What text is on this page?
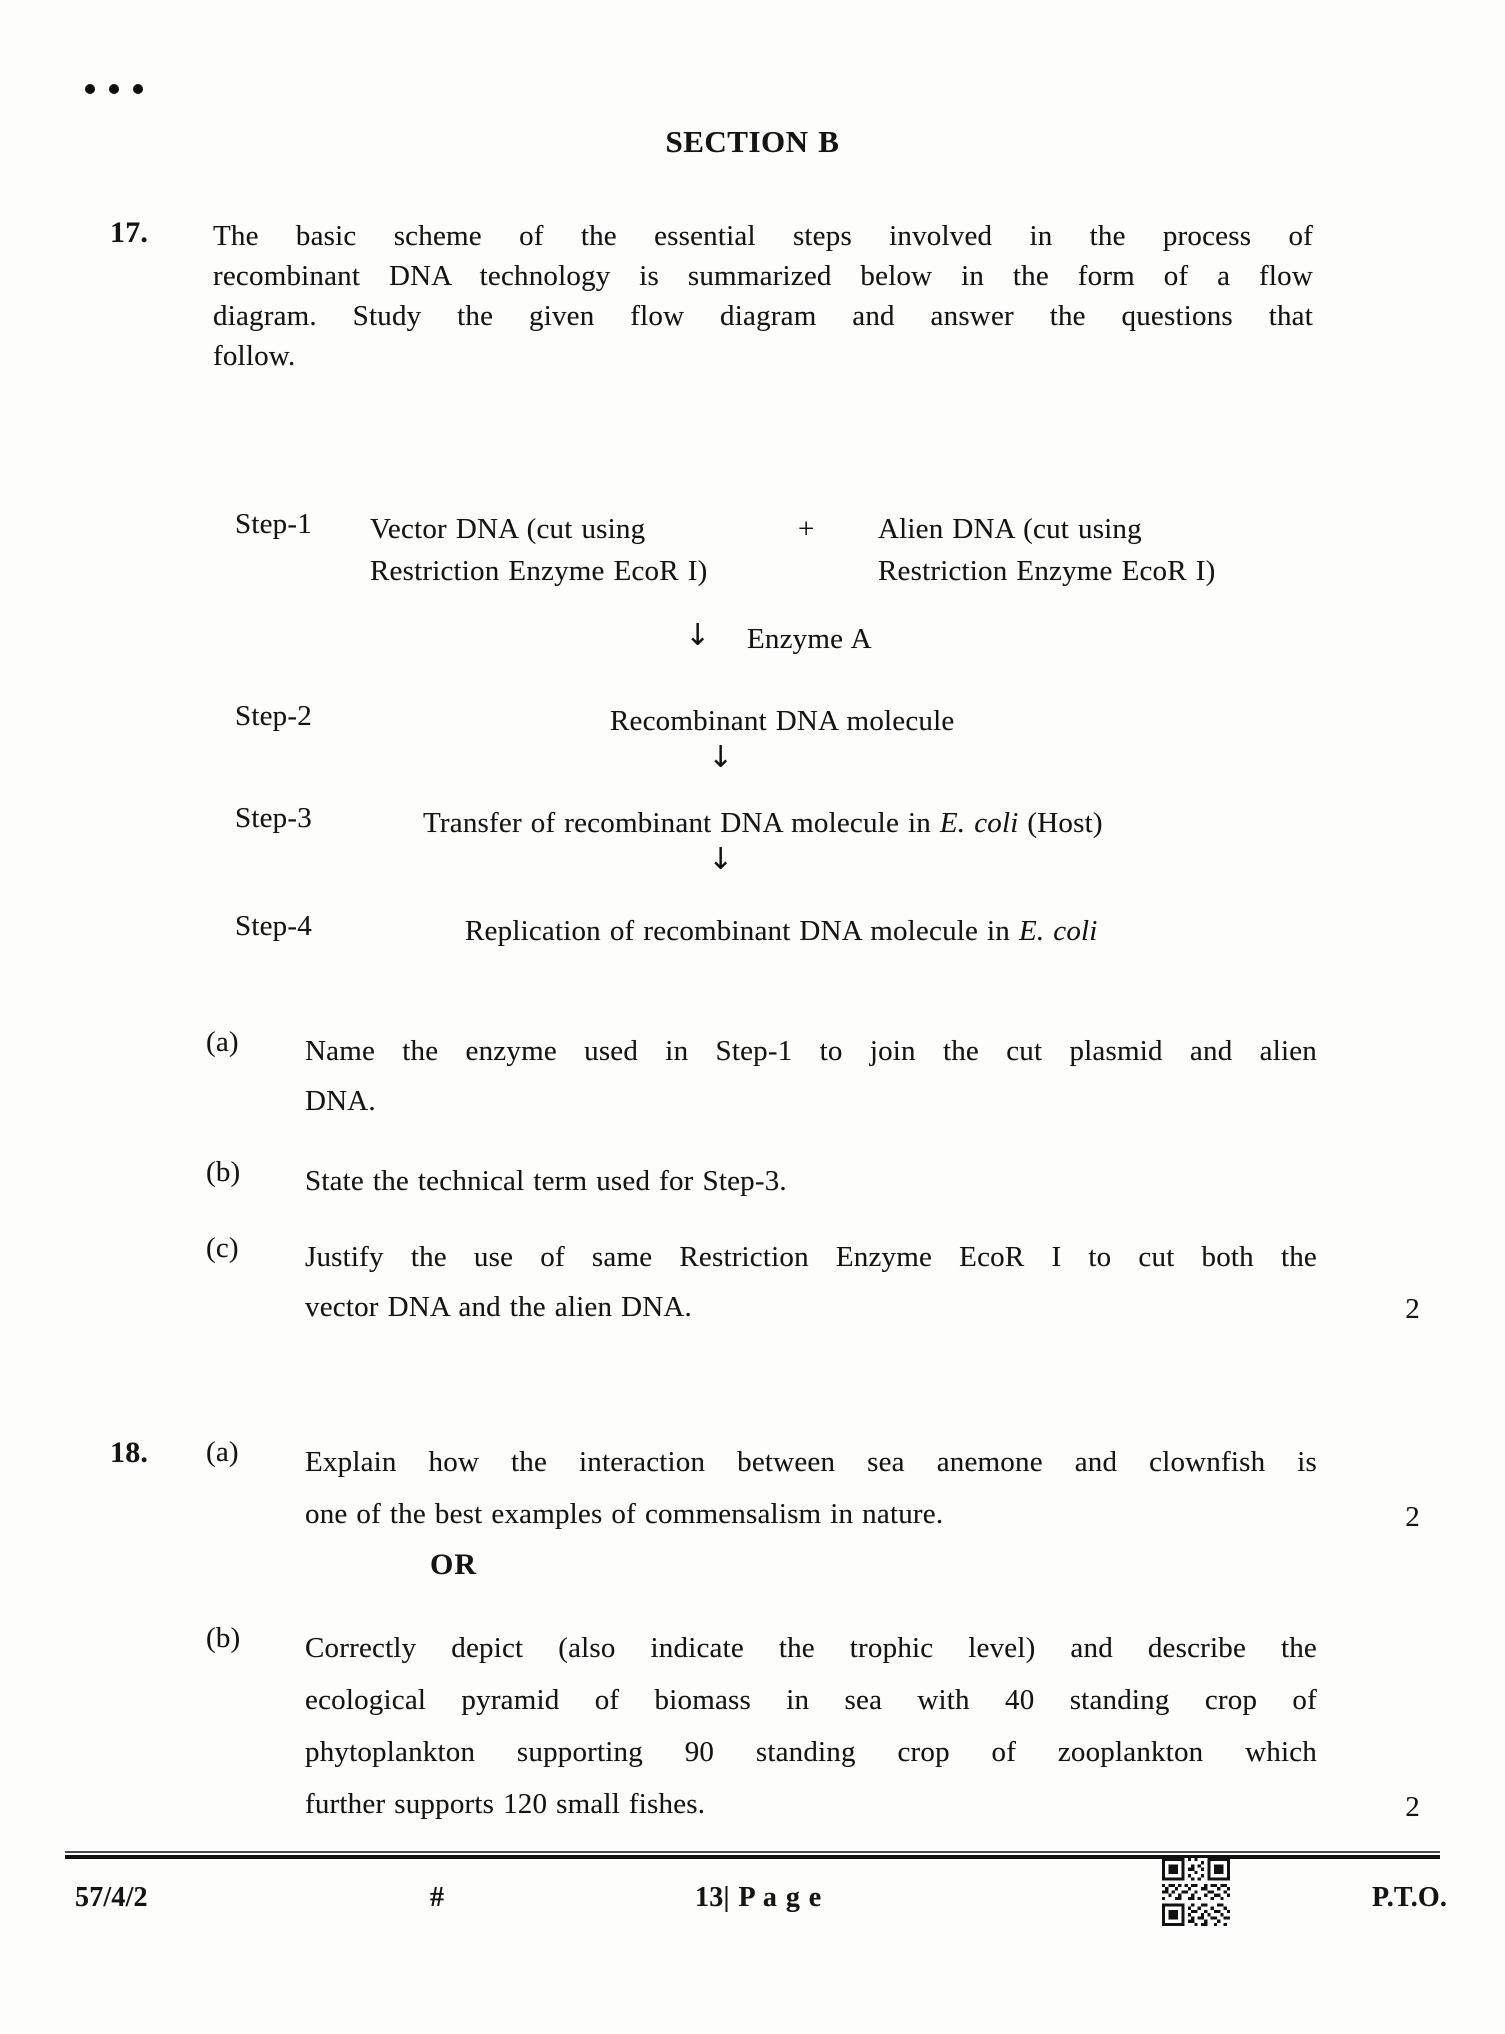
SECTION B
17. The basic scheme of the essential steps involved in the process of
recombinant DNA technology is summarized below in the form of a flow
diagram. Study the given flow diagram and answer the questions that
follow.
Step-1 Vector DNA (cut using
Restriction Enzyme EcoR I)
+ Alien DNA (cut using
Restriction Enzyme EcoR I)
↓ Enzyme A
Step-2	Recombinant DNA molecule
↓
Step-3	Transfer of recombinant DNA molecule in E. coli (Host)
↓
Step-4	Replication of recombinant DNA molecule in E. coli
(a) Name the enzyme used in Step-1 to join the cut plasmid and alien
DNA.
(b) State the technical term used for Step-3.
(c) Justify the use of same Restriction Enzyme EcoR I to cut both the
vector DNA and the alien DNA.	2
18. (a) Explain how the interaction between sea anemone and clownfish is
one of the best examples of commensalism in nature.	2
OR
(b) Correctly depict (also indicate the trophic level) and describe the
ecological pyramid of biomass in sea with 40 standing crop of
phytoplankton supporting 90 standing crop of zooplankton which
further supports 120 small fishes.	2
57/4/2	#	13| P a g e	P.T.O.
